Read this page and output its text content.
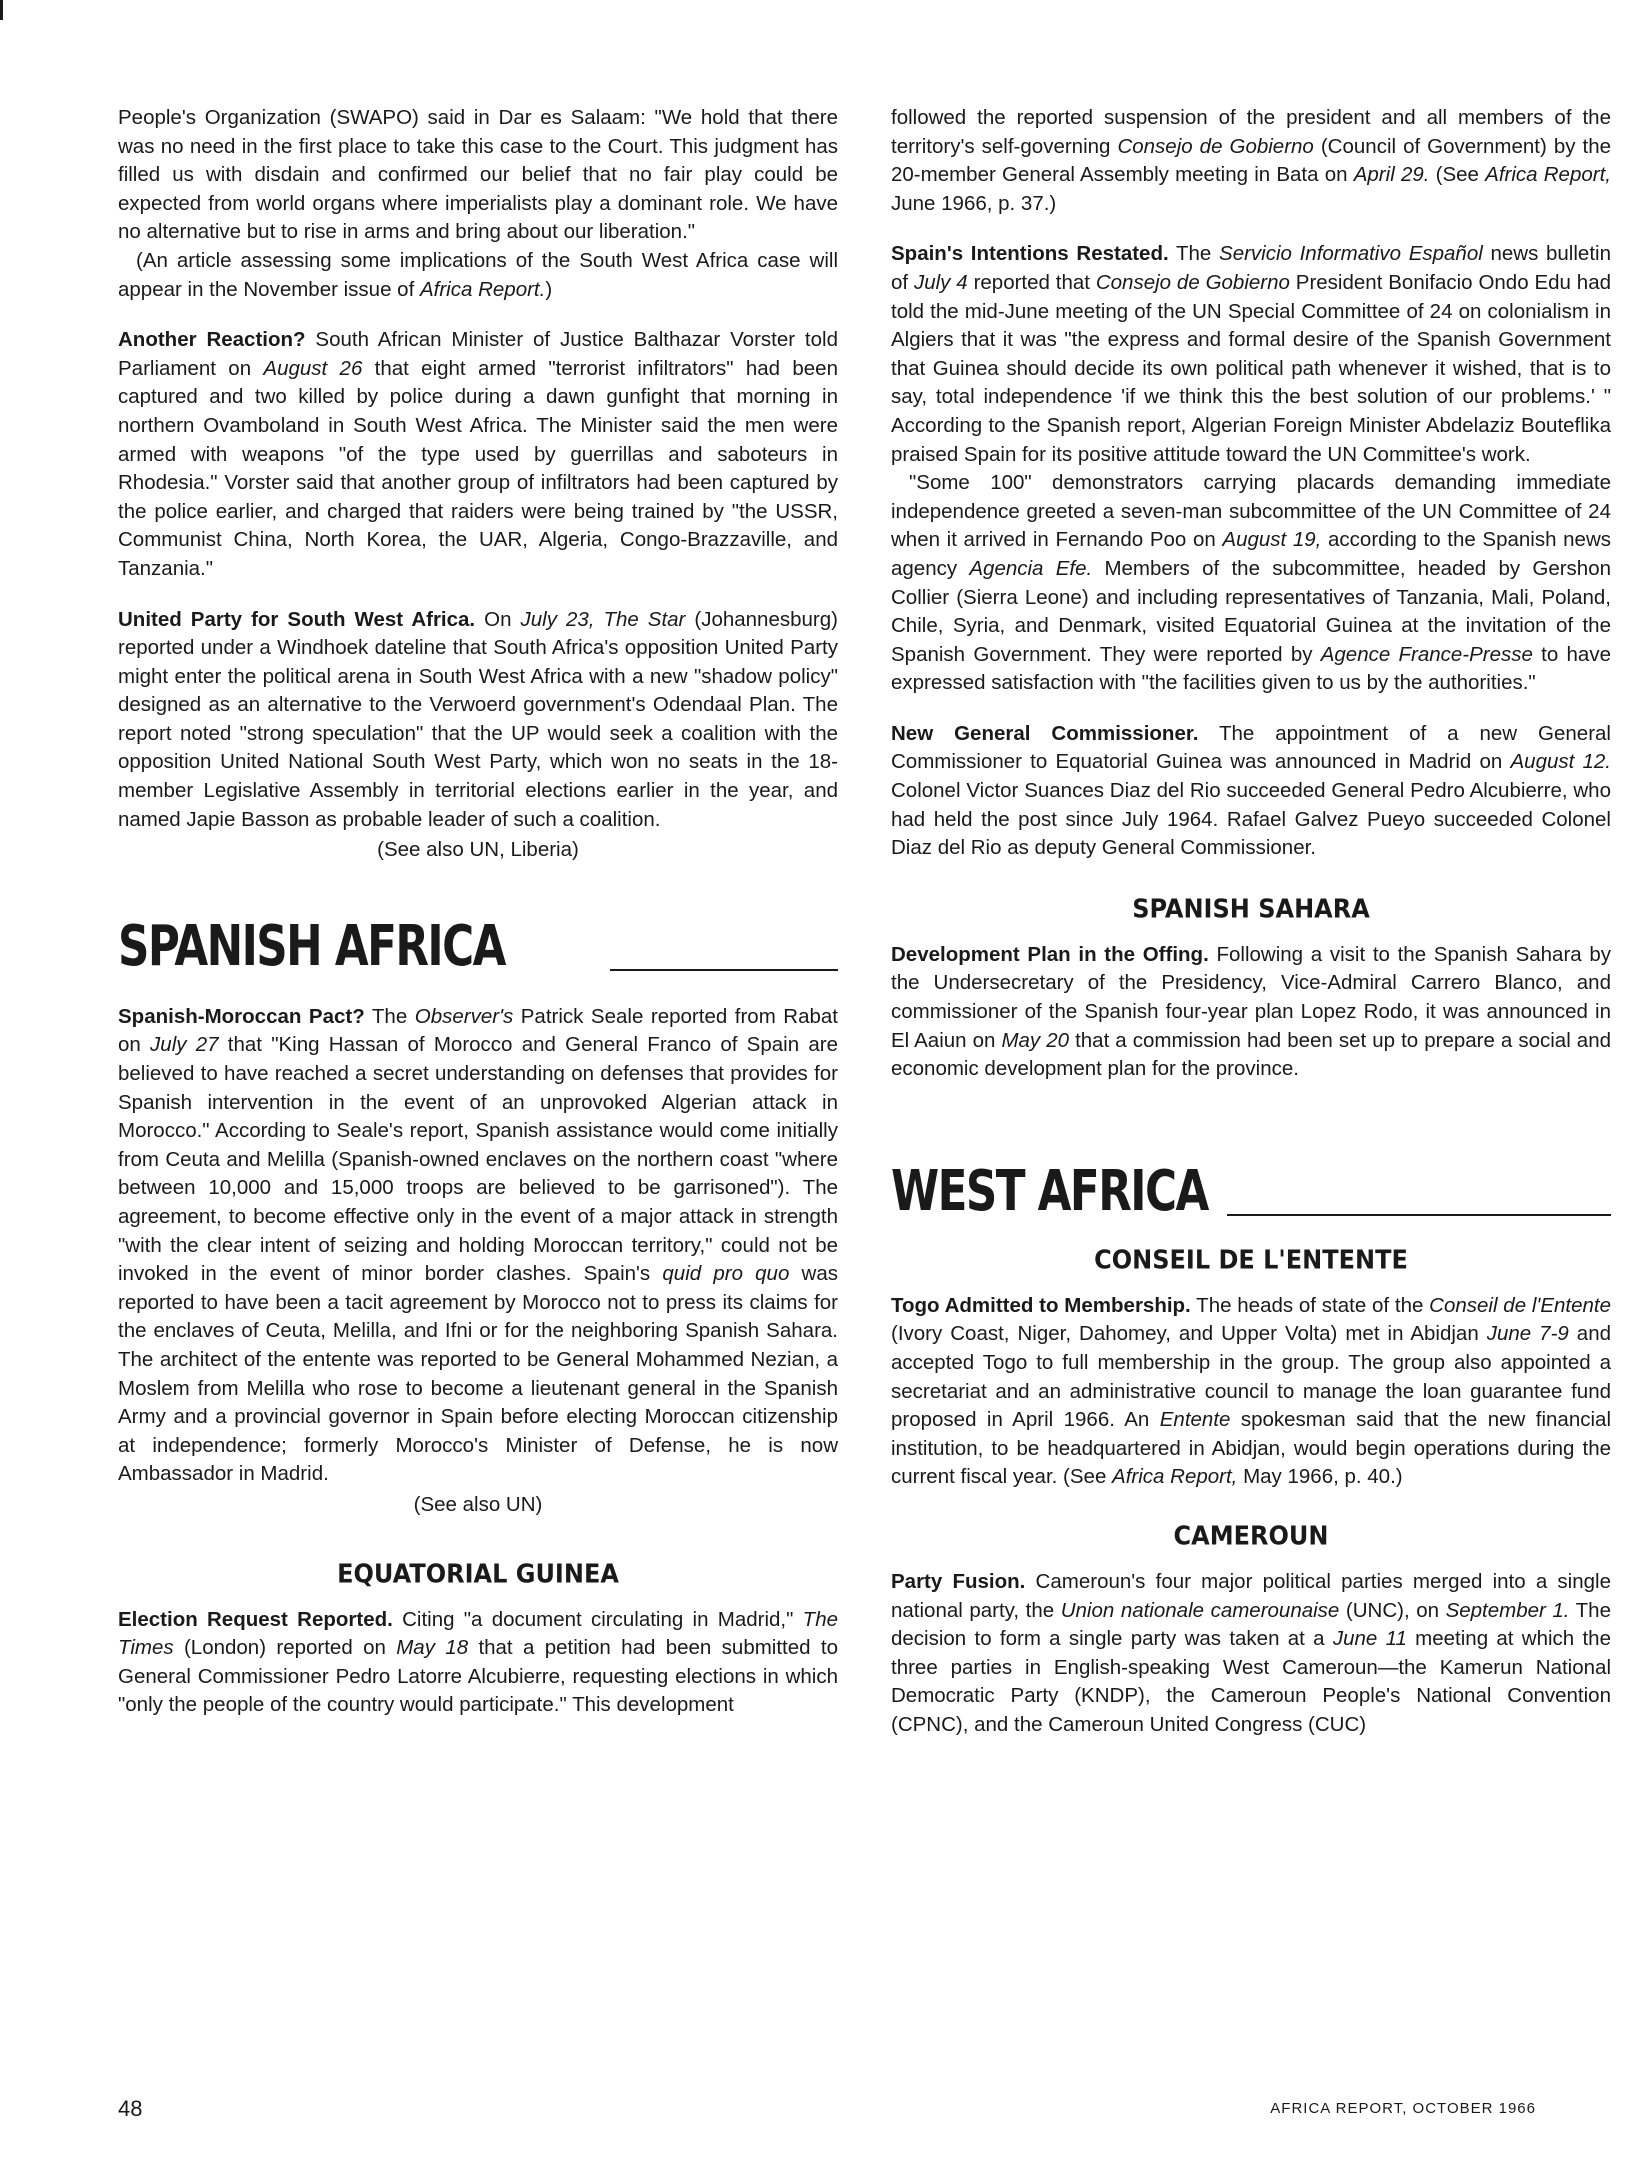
People's Organization (SWAPO) said in Dar es Salaam: "We hold that there was no need in the first place to take this case to the Court. This judgment has filled us with disdain and confirmed our belief that no fair play could be expected from world organs where imperialists play a dominant role. We have no alternative but to rise in arms and bring about our liberation."

(An article assessing some implications of the South West Africa case will appear in the November issue of Africa Report.)

Another Reaction? South African Minister of Justice Balthazar Vorster told Parliament on August 26 that eight armed "terrorist infiltrators" had been captured and two killed by police during a dawn gunfight that morning in northern Ovamboland in South West Africa. The Minister said the men were armed with weapons "of the type used by guerrillas and saboteurs in Rhodesia." Vorster said that another group of infiltrators had been captured by the police earlier, and charged that raiders were being trained by "the USSR, Communist China, North Korea, the UAR, Algeria, Congo-Brazzaville, and Tanzania."

United Party for South West Africa. On July 23, The Star (Johannesburg) reported under a Windhoek dateline that South Africa's opposition United Party might enter the political arena in South West Africa with a new "shadow policy" designed as an alternative to the Verwoerd government's Odendaal Plan. The report noted "strong speculation" that the UP would seek a coalition with the opposition United National South West Party, which won no seats in the 18-member Legislative Assembly in territorial elections earlier in the year, and named Japie Basson as probable leader of such a coalition.

(See also UN, Liberia)

SPANISH AFRICA

Spanish-Moroccan Pact? The Observer's Patrick Seale reported from Rabat on July 27 that "King Hassan of Morocco and General Franco of Spain are believed to have reached a secret understanding on defenses that provides for Spanish intervention in the event of an unprovoked Algerian attack in Morocco." According to Seale's report, Spanish assistance would come initially from Ceuta and Melilla (Spanish-owned enclaves on the northern coast "where between 10,000 and 15,000 troops are believed to be garrisoned"). The agreement, to become effective only in the event of a major attack in strength "with the clear intent of seizing and holding Moroccan territory," could not be invoked in the event of minor border clashes. Spain's quid pro quo was reported to have been a tacit agreement by Morocco not to press its claims for the enclaves of Ceuta, Melilla, and Ifni or for the neighboring Spanish Sahara. The architect of the entente was reported to be General Mohammed Nezian, a Moslem from Melilla who rose to become a lieutenant general in the Spanish Army and a provincial governor in Spain before electing Moroccan citizenship at independence; formerly Morocco's Minister of Defense, he is now Ambassador in Madrid.

(See also UN)

EQUATORIAL GUINEA

Election Request Reported. Citing "a document circulating in Madrid," The Times (London) reported on May 18 that a petition had been submitted to General Commissioner Pedro Latorre Alcubierre, requesting elections in which "only the people of the country would participate." This development

followed the reported suspension of the president and all members of the territory's self-governing Consejo de Gobierno (Council of Government) by the 20-member General Assembly meeting in Bata on April 29. (See Africa Report, June 1966, p. 37.)

Spain's Intentions Restated. The Servicio Informativo Español news bulletin of July 4 reported that Consejo de Gobierno President Bonifacio Ondo Edu had told the mid-June meeting of the UN Special Committee of 24 on colonialism in Algiers that it was "the express and formal desire of the Spanish Government that Guinea should decide its own political path whenever it wished, that is to say, total independence 'if we think this the best solution of our problems.' " According to the Spanish report, Algerian Foreign Minister Abdelaziz Bouteflika praised Spain for its positive attitude toward the UN Committee's work.

"Some 100" demonstrators carrying placards demanding immediate independence greeted a seven-man subcommittee of the UN Committee of 24 when it arrived in Fernando Poo on August 19, according to the Spanish news agency Agencia Efe. Members of the subcommittee, headed by Gershon Collier (Sierra Leone) and including representatives of Tanzania, Mali, Poland, Chile, Syria, and Denmark, visited Equatorial Guinea at the invitation of the Spanish Government. They were reported by Agence France-Presse to have expressed satisfaction with "the facilities given to us by the authorities."

New General Commissioner. The appointment of a new General Commissioner to Equatorial Guinea was announced in Madrid on August 12. Colonel Victor Suances Diaz del Rio succeeded General Pedro Alcubierre, who had held the post since July 1964. Rafael Galvez Pueyo succeeded Colonel Diaz del Rio as deputy General Commissioner.

SPANISH SAHARA

Development Plan in the Offing. Following a visit to the Spanish Sahara by the Undersecretary of the Presidency, Vice-Admiral Carrero Blanco, and commissioner of the Spanish four-year plan Lopez Rodo, it was announced in El Aaiun on May 20 that a commission had been set up to prepare a social and economic development plan for the province.

WEST AFRICA
CONSEIL DE L'ENTENTE

Togo Admitted to Membership. The heads of state of the Conseil de l'Entente (Ivory Coast, Niger, Dahomey, and Upper Volta) met in Abidjan June 7-9 and accepted Togo to full membership in the group. The group also appointed a secretariat and an administrative council to manage the loan guarantee fund proposed in April 1966. An Entente spokesman said that the new financial institution, to be headquartered in Abidjan, would begin operations during the current fiscal year. (See Africa Report, May 1966, p. 40.)

CAMEROUN

Party Fusion. Cameroun's four major political parties merged into a single national party, the Union nationale camerounaise (UNC), on September 1. The decision to form a single party was taken at a June 11 meeting at which the three parties in English-speaking West Cameroun—the Kamerun National Democratic Party (KNDP), the Cameroun People's National Convention (CPNC), and the Cameroun United Congress (CUC)

48	AFRICA REPORT, OCTOBER 1966
